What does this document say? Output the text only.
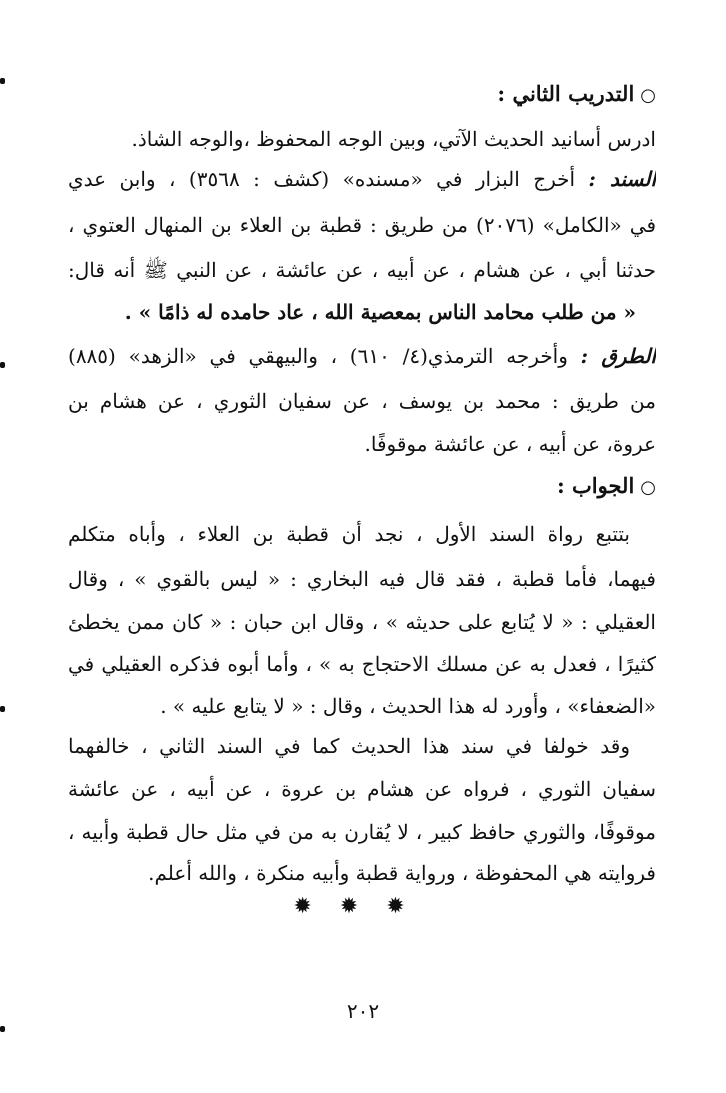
○التدريب الثاني :
ادرس أسانيد الحديث الآتي، وبين الوجه المحفوظ ،والوجه الشاذ.
السند : أخرج البزار في «مسنده» (كشف : ٣٥٦٨) ، وابن عدي
في «الكامل» (٢٠٧٦) من طريق : قطبة بن العلاء بن المنهال العتوي ،
حدثنا أبي ، عن هشام ، عن أبيه ، عن عائشة ، عن النبي ﷺ أنه قال:
« من طلب محامد الناس بمعصية الله ، عاد حامده له ذامًا » .
الطرق : وأخرجه الترمذي(٤/ ٦١٠) ، والبيهقي في «الزهد» (٨٨٥)
من طريق : محمد بن يوسف ، عن سفيان الثوري ، عن هشام بن
عروة، عن أبيه ، عن عائشة موقوفًا.
○الجواب :
بتتبع رواة السند الأول ، نجد أن قطبة بن العلاء ، وأباه متكلم
فيهما، فأما قطبة ، فقد قال فيه البخاري : « ليس بالقوي » ، وقال
العقيلي : « لا يُتابع على حديثه » ، وقال ابن حبان : « كان ممن يخطئ
كثيرًا ، فعدل به عن مسلك الاحتجاج به » ، وأما أبوه فذكره العقيلي في
«الضعفاء» ، وأورد له هذا الحديث ، وقال : « لا يتابع عليه » .
وقد خولفا في سند هذا الحديث كما في السند الثاني ، خالفهما
سفيان الثوري ، فرواه عن هشام بن عروة ، عن أبيه ، عن عائشة
موقوفًا، والثوري حافظ كبير ، لا يُقارن به من في مثل حال قطبة وأبيه ،
فروايته هي المحفوظة ، ورواية قطبة وأبيه منكرة ، والله أعلم.
✹✹✹
٢٠٢
